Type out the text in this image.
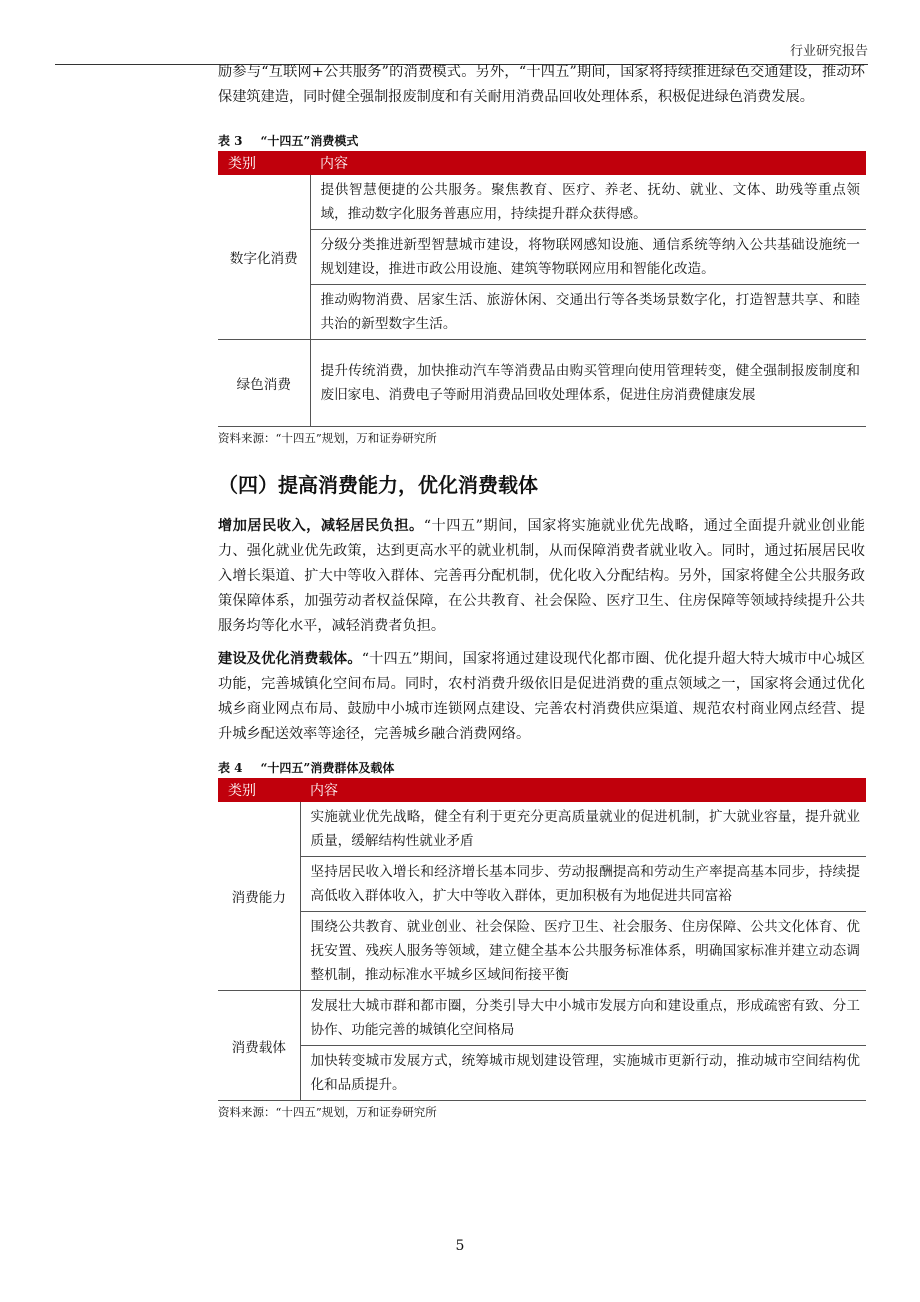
行业研究报告

励参与“互联网+公共服务”的消费模式。另外，“十四五”期间，国家将持续推进绿色交通建设，推动环保建筑建造，同时健全强制报废制度和有关耐用消费品回收处理体系，积极促进绿色消费发展。

表 3 “十四五”消费模式

类别	内容
数字化消费	提供智慧便捷的公共服务。聚焦教育、医疗、养老、抚幼、就业、文体、助残等重点领域，推动数字化服务普惠应用，持续提升群众获得感。
	分级分类推进新型智慧城市建设，将物联网感知设施、通信系统等纳入公共基础设施统一规划建设，推进市政公用设施、建筑等物联网应用和智能化改造。
	推动购物消费、居家生活、旅游休闲、交通出行等各类场景数字化，打造智慧共享、和睦共治的新型数字生活。
绿色消费	提升传统消费，加快推动汽车等消费品由购买管理向使用管理转变，健全强制报废制度和废旧家电、消费电子等耐用消费品回收处理体系，促进住房消费健康发展

资料来源：“十四五”规划，万和证券研究所

（四）提高消费能力，优化消费载体

增加居民收入，减轻居民负担。“十四五”期间，国家将实施就业优先战略，通过全面提升就业创业能力、强化就业优先政策，达到更高水平的就业机制，从而保障消费者就业收入。同时，通过拓展居民收入增长渠道、扩大中等收入群体、完善再分配机制，优化收入分配结构。另外，国家将健全公共服务政策保障体系，加强劳动者权益保障，在公共教育、社会保险、医疗卫生、住房保障等领域持续提升公共服务均等化水平，减轻消费者负担。

建设及优化消费载体。“十四五”期间，国家将通过建设现代化都市圈、优化提升超大特大城市中心城区功能，完善城镇化空间布局。同时，农村消费升级依旧是促进消费的重点领域之一，国家将会通过优化城乡商业网点布局、鼓励中小城市连锁网点建设、完善农村消费供应渠道、规范农村商业网点经营、提升城乡配送效率等途径，完善城乡融合消费网络。

表 4 “十四五”消费群体及载体

类别	内容
消费能力	实施就业优先战略，健全有利于更充分更高质量就业的促进机制，扩大就业容量，提升就业质量，缓解结构性就业矛盾
	坚持居民收入增长和经济增长基本同步、劳动报酬提高和劳动生产率提高基本同步，持续提高低收入群体收入，扩大中等收入群体，更加积极有为地促进共同富裕
	围绕公共教育、就业创业、社会保险、医疗卫生、社会服务、住房保障、公共文化体育、优抚安置、残疾人服务等领域，建立健全基本公共服务标准体系，明确国家标准并建立动态调整机制，推动标准水平城乡区域间衔接平衡
消费载体	发展壮大城市群和都市圈，分类引导大中小城市发展方向和建设重点，形成疏密有致、分工协作、功能完善的城镇化空间格局
	加快转变城市发展方式，统筹城市规划建设管理，实施城市更新行动，推动城市空间结构优化和品质提升。

资料来源：“十四五”规划，万和证券研究所

5
